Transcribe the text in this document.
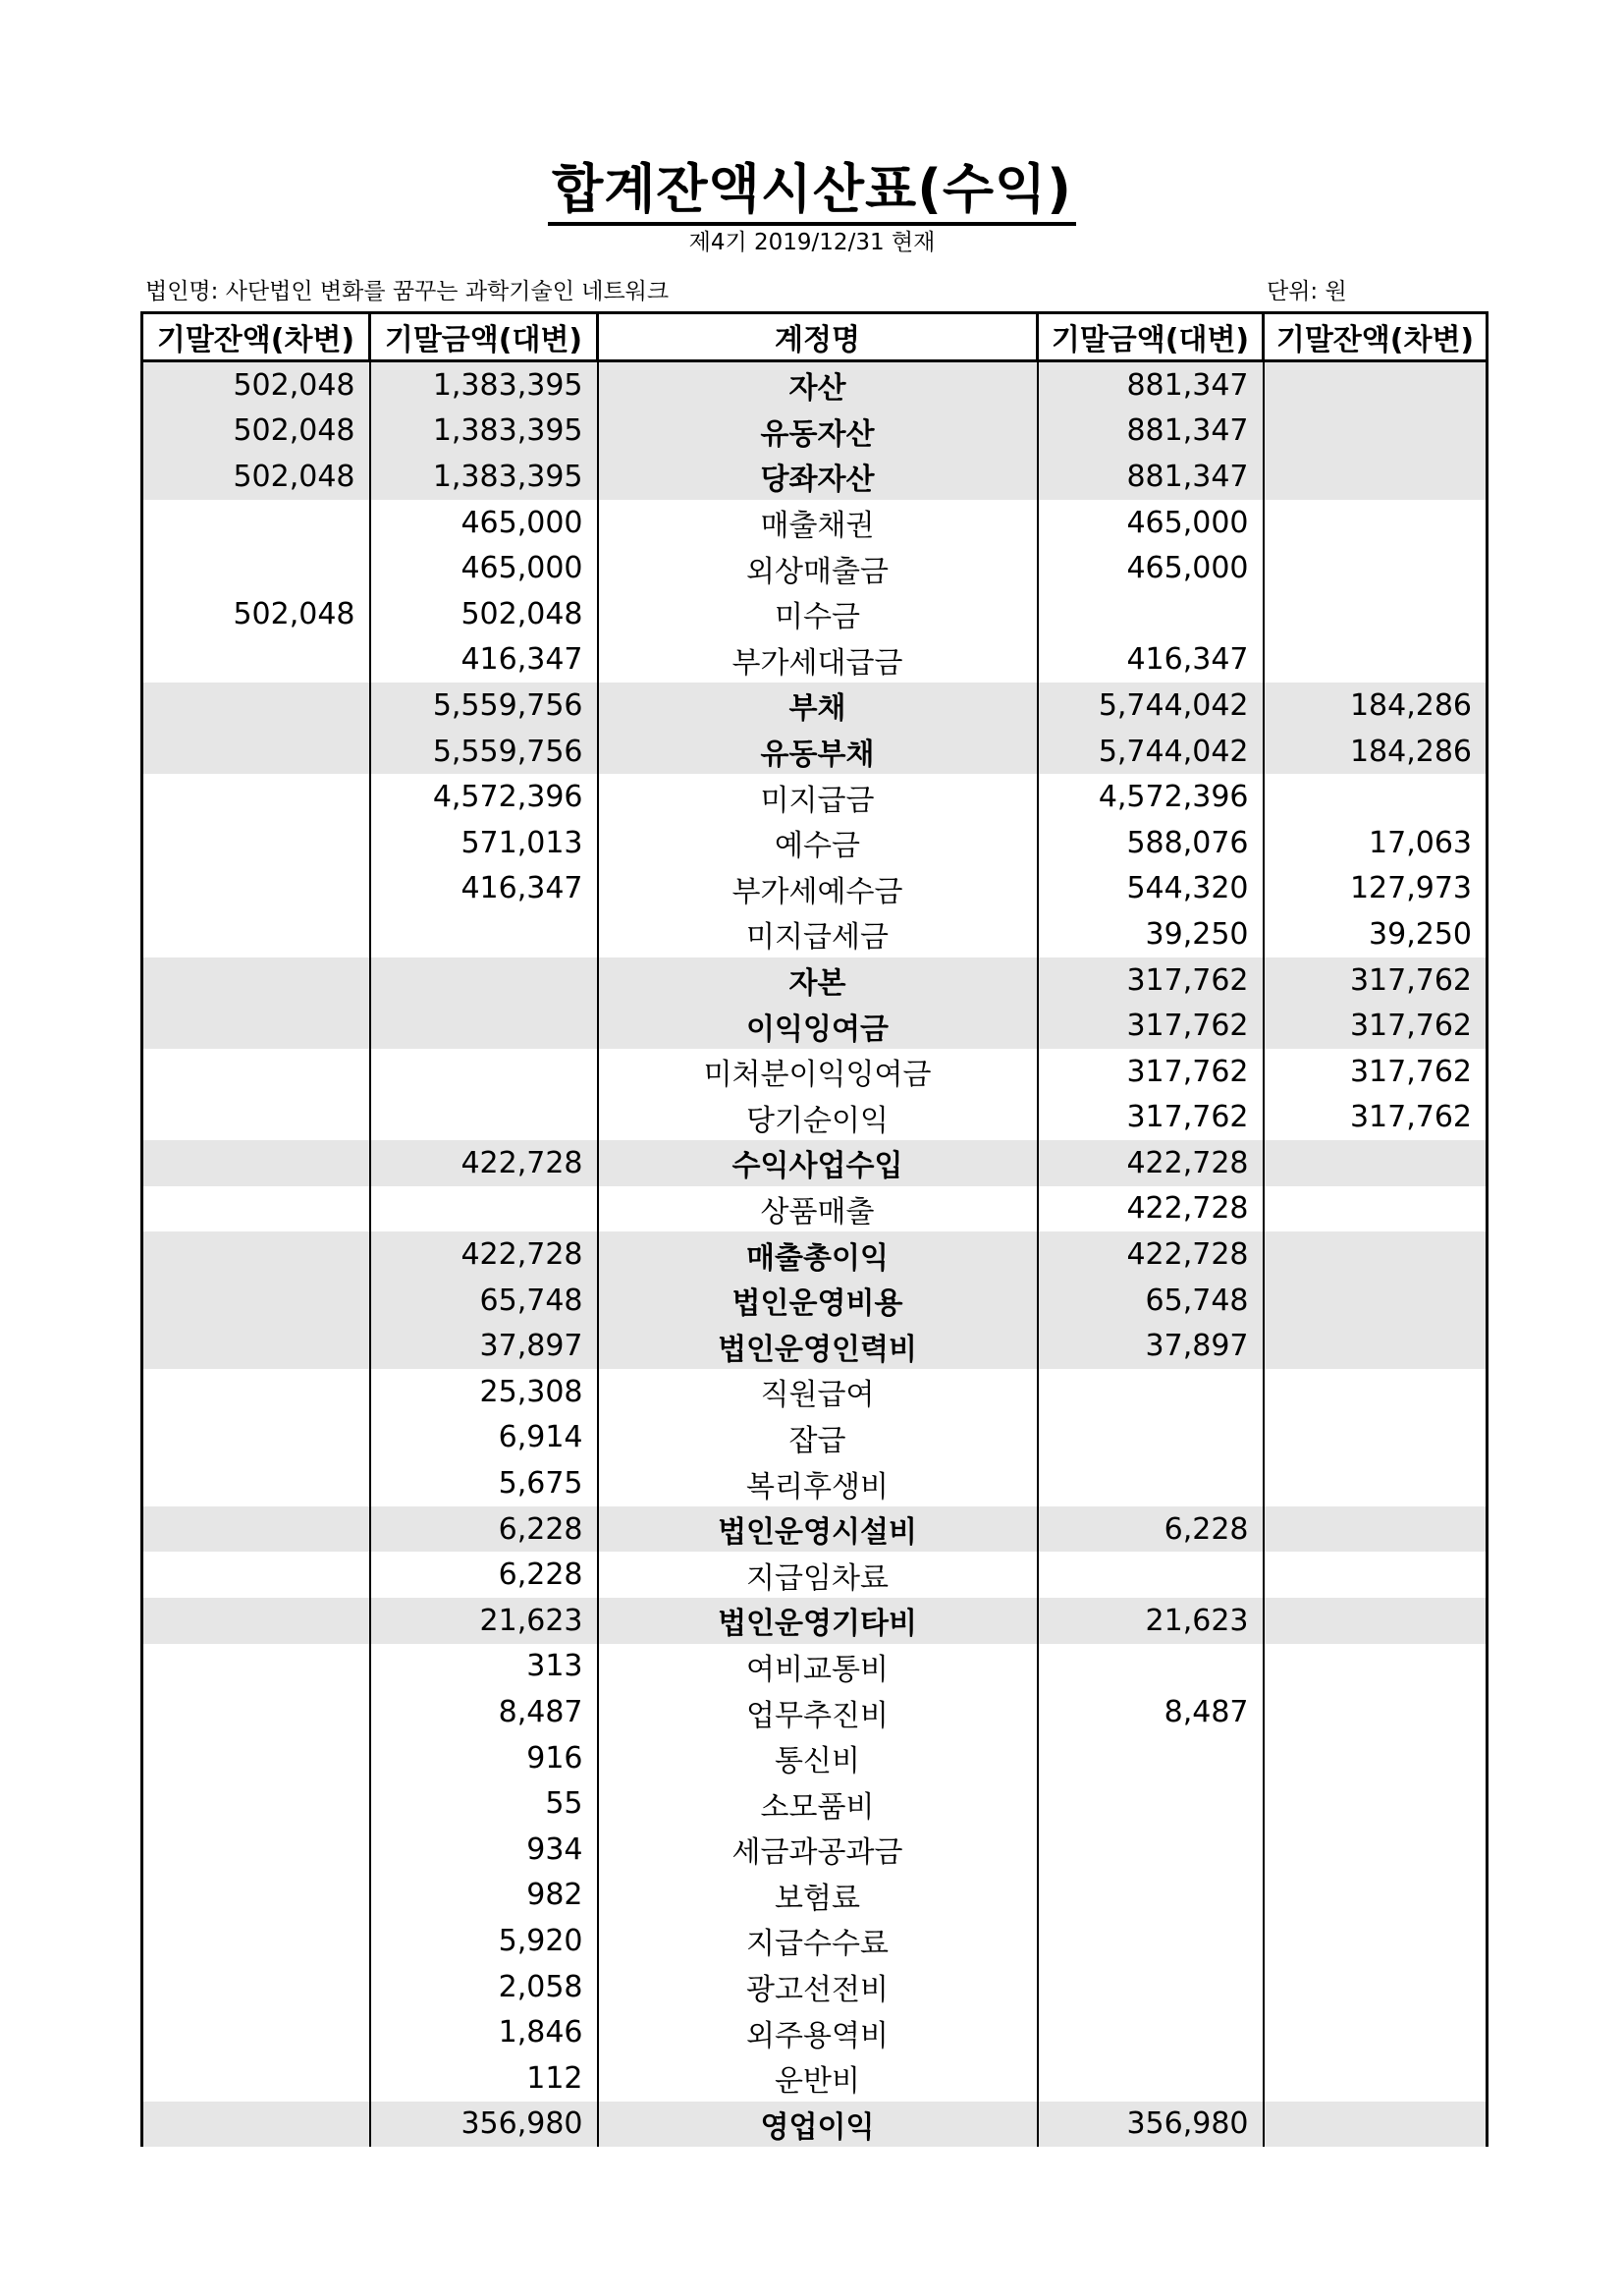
합계잔액시산표(수익)
제4기 2019/12/31 현재
법인명: 사단법인 변화를 꿈꾸는 과학기술인 네트워크	단위: 원
기말잔액(차변)	기말금액(대변)	계정명	기말금액(대변)	기말잔액(차변)
502,048	1,383,395	자산	881,347	
502,048	1,383,395	유동자산	881,347	
502,048	1,383,395	당좌자산	881,347	
	465,000	매출채권	465,000	
	465,000	외상매출금	465,000	
502,048	502,048	미수금		
	416,347	부가세대급금	416,347	
	5,559,756	부채	5,744,042	184,286
	5,559,756	유동부채	5,744,042	184,286
	4,572,396	미지급금	4,572,396	
	571,013	예수금	588,076	17,063
	416,347	부가세예수금	544,320	127,973
		미지급세금	39,250	39,250
		자본	317,762	317,762
		이익잉여금	317,762	317,762
		미처분이익잉여금	317,762	317,762
		당기순이익	317,762	317,762
	422,728	수익사업수입	422,728	
		상품매출	422,728	
	422,728	매출총이익	422,728	
	65,748	법인운영비용	65,748	
	37,897	법인운영인력비	37,897	
	25,308	직원급여		
	6,914	잡급		
	5,675	복리후생비		
	6,228	법인운영시설비	6,228	
	6,228	지급임차료		
	21,623	법인운영기타비	21,623	
	313	여비교통비		
	8,487	업무추진비	8,487	
	916	통신비		
	55	소모품비		
	934	세금과공과금		
	982	보험료		
	5,920	지급수수료		
	2,058	광고선전비		
	1,846	외주용역비		
	112	운반비		
	356,980	영업이익	356,980	
